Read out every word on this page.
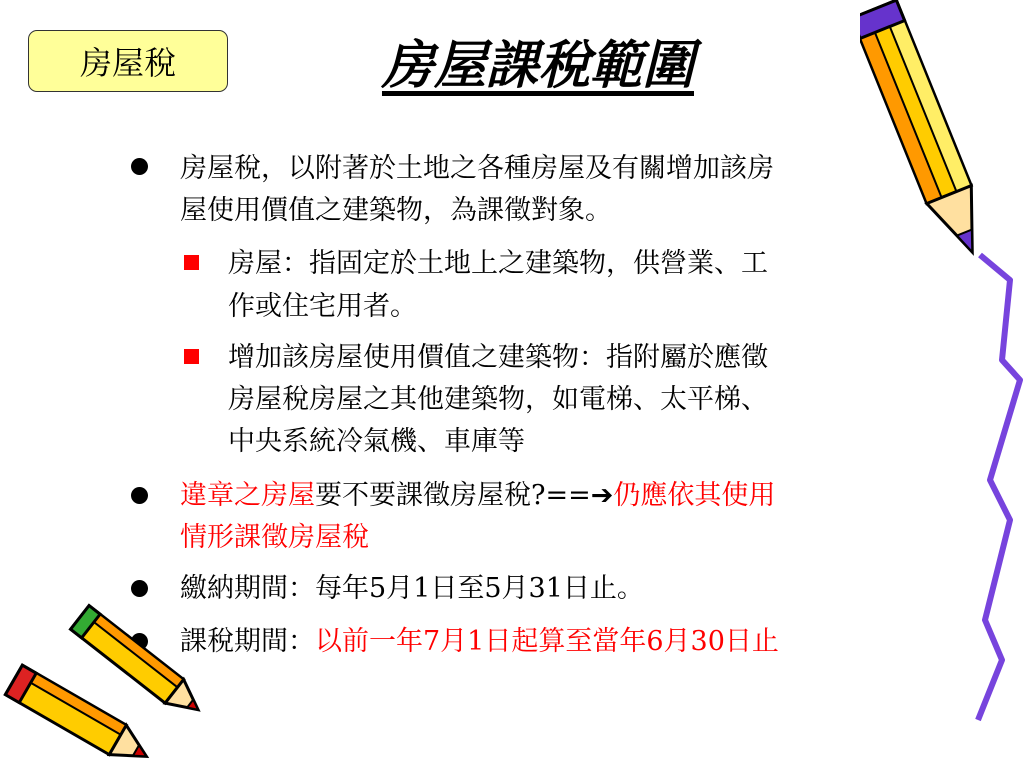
房屋稅	房屋課稅範圍
房屋稅，以附著於土地之各種房屋及有關增加該房
屋使用價值之建築物，為課徵對象。
房屋：指固定於土地上之建築物，供營業、工
作或住宅用者。
增加該房屋使用價值之建築物：指附屬於應徵
房屋稅房屋之其他建築物，如電梯、太平梯、
中央系統冷氣機、車庫等
違章之房屋要不要課徵房屋稅?==➔仍應依其使用
情形課徵房屋稅
繳納期間：每年5月1日至5月31日止。
課稅期間：以前一年7月1日起算至當年6月30日止
